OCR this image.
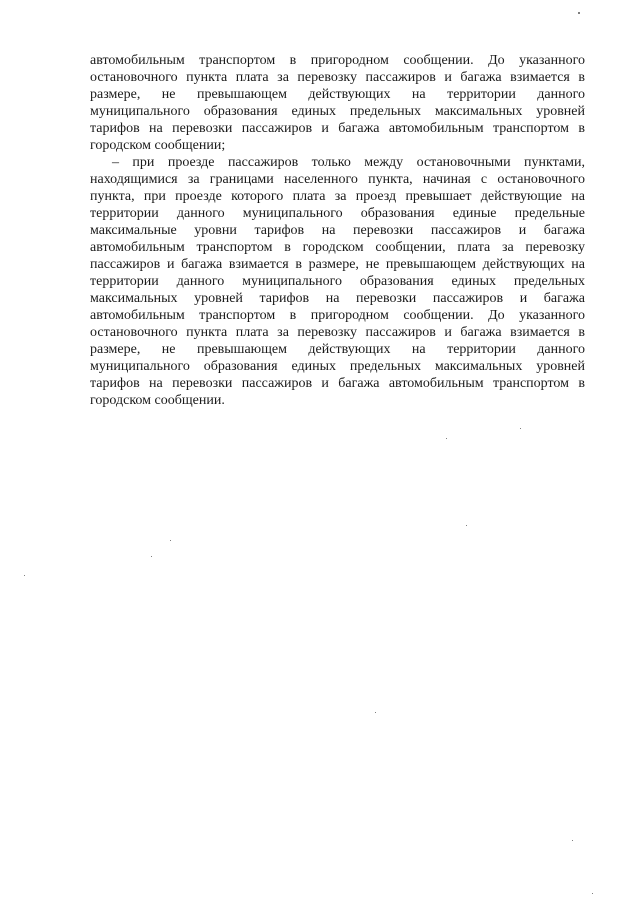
автомобильным транспортом в пригородном сообщении. До указанного
остановочного пункта плата за перевозку пассажиров и багажа взимается в
размере, не превышающем действующих на территории данного
муниципального образования единых предельных максимальных уровней
тарифов на перевозки пассажиров и багажа автомобильным транспортом в
городском сообщении;
– при проезде пассажиров только между остановочными пунктами,
находящимися за границами населенного пункта, начиная с остановочного
пункта, при проезде которого плата за проезд превышает действующие на
территории данного муниципального образования единые предельные
максимальные уровни тарифов на перевозки пассажиров и багажа
автомобильным транспортом в городском сообщении, плата за перевозку
пассажиров и багажа взимается в размере, не превышающем действующих на
территории данного муниципального образования единых предельных
максимальных уровней тарифов на перевозки пассажиров и багажа
автомобильным транспортом в пригородном сообщении. До указанного
остановочного пункта плата за перевозку пассажиров и багажа взимается в
размере, не превышающем действующих на территории данного
муниципального образования единых предельных максимальных уровней
тарифов на перевозки пассажиров и багажа автомобильным транспортом в
городском сообщении.
